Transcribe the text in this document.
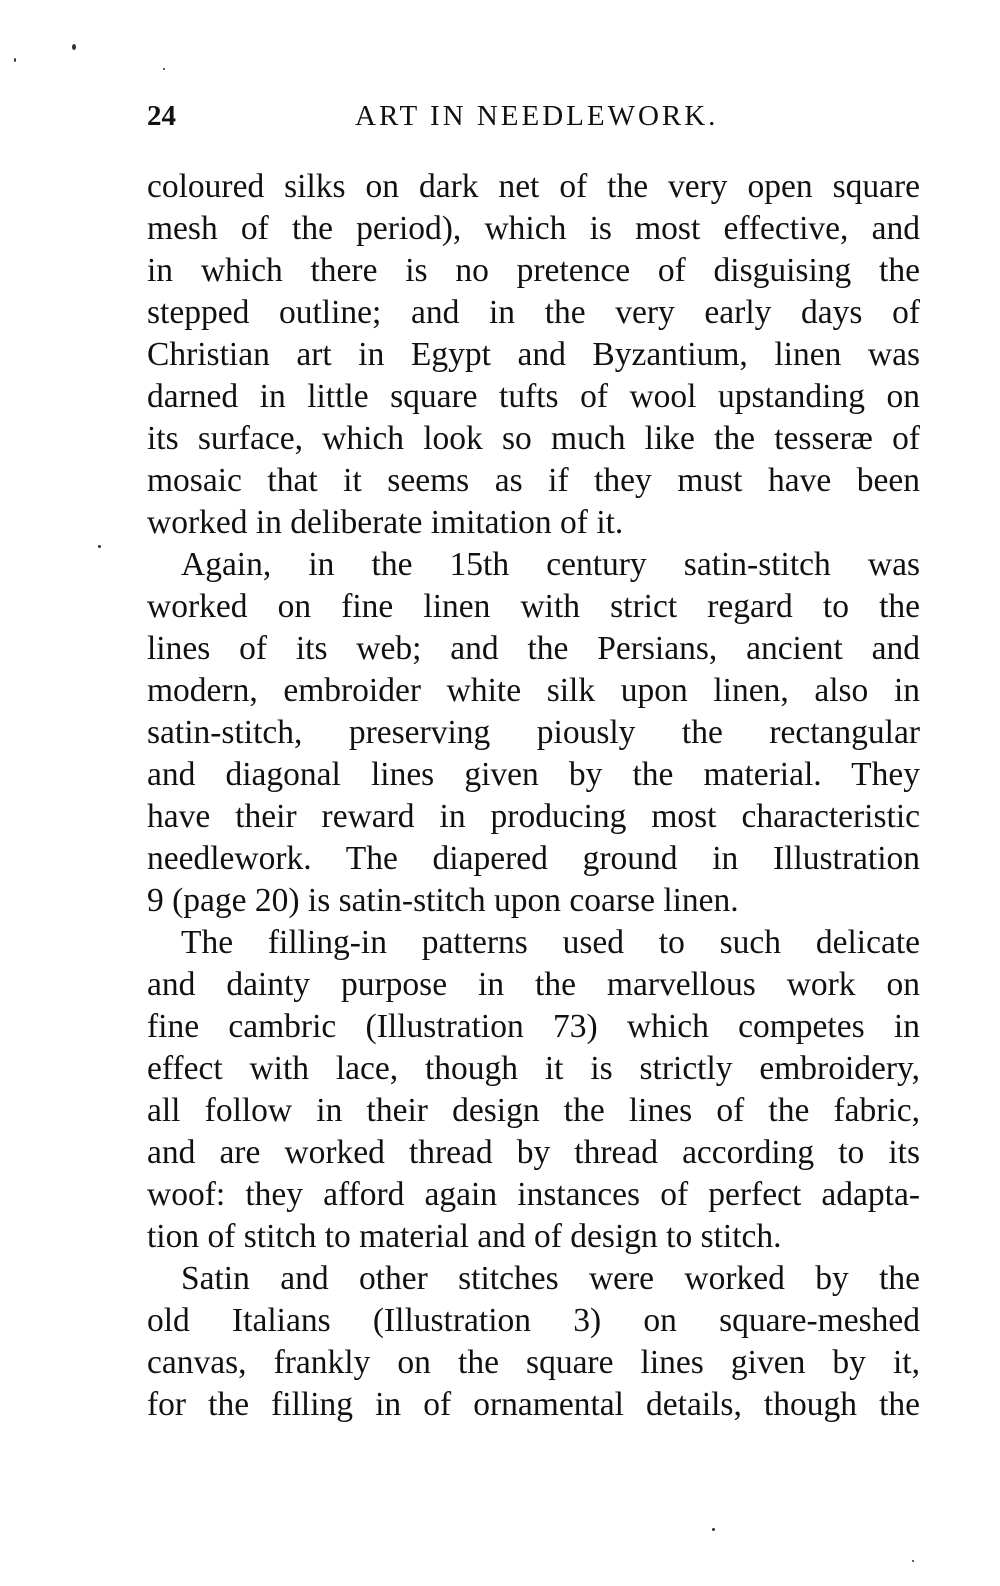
24	ART IN NEEDLEWORK.
coloured silks on dark net of the very open square
mesh of the period), which is most effective, and
in which there is no pretence of disguising the
stepped outline; and in the very early days of
Christian art in Egypt and Byzantium, linen was
darned in little square tufts of wool upstanding on
its surface, which look so much like the tesseræ of
mosaic that it seems as if they must have been
worked in deliberate imitation of it.
Again, in the 15th century satin-stitch was
worked on fine linen with strict regard to the
lines of its web; and the Persians, ancient and
modern, embroider white silk upon linen, also in
satin-stitch, preserving piously the rectangular
and diagonal lines given by the material. They
have their reward in producing most characteristic
needlework. The diapered ground in Illustration
9 (page 20) is satin-stitch upon coarse linen.
The filling-in patterns used to such delicate
and dainty purpose in the marvellous work on
fine cambric (Illustration 73) which competes in
effect with lace, though it is strictly embroidery,
all follow in their design the lines of the fabric,
and are worked thread by thread according to its
woof: they afford again instances of perfect adapta-
tion of stitch to material and of design to stitch.
Satin and other stitches were worked by the
old Italians (Illustration 3) on square-meshed
canvas, frankly on the square lines given by it,
for the filling in of ornamental details, though the
